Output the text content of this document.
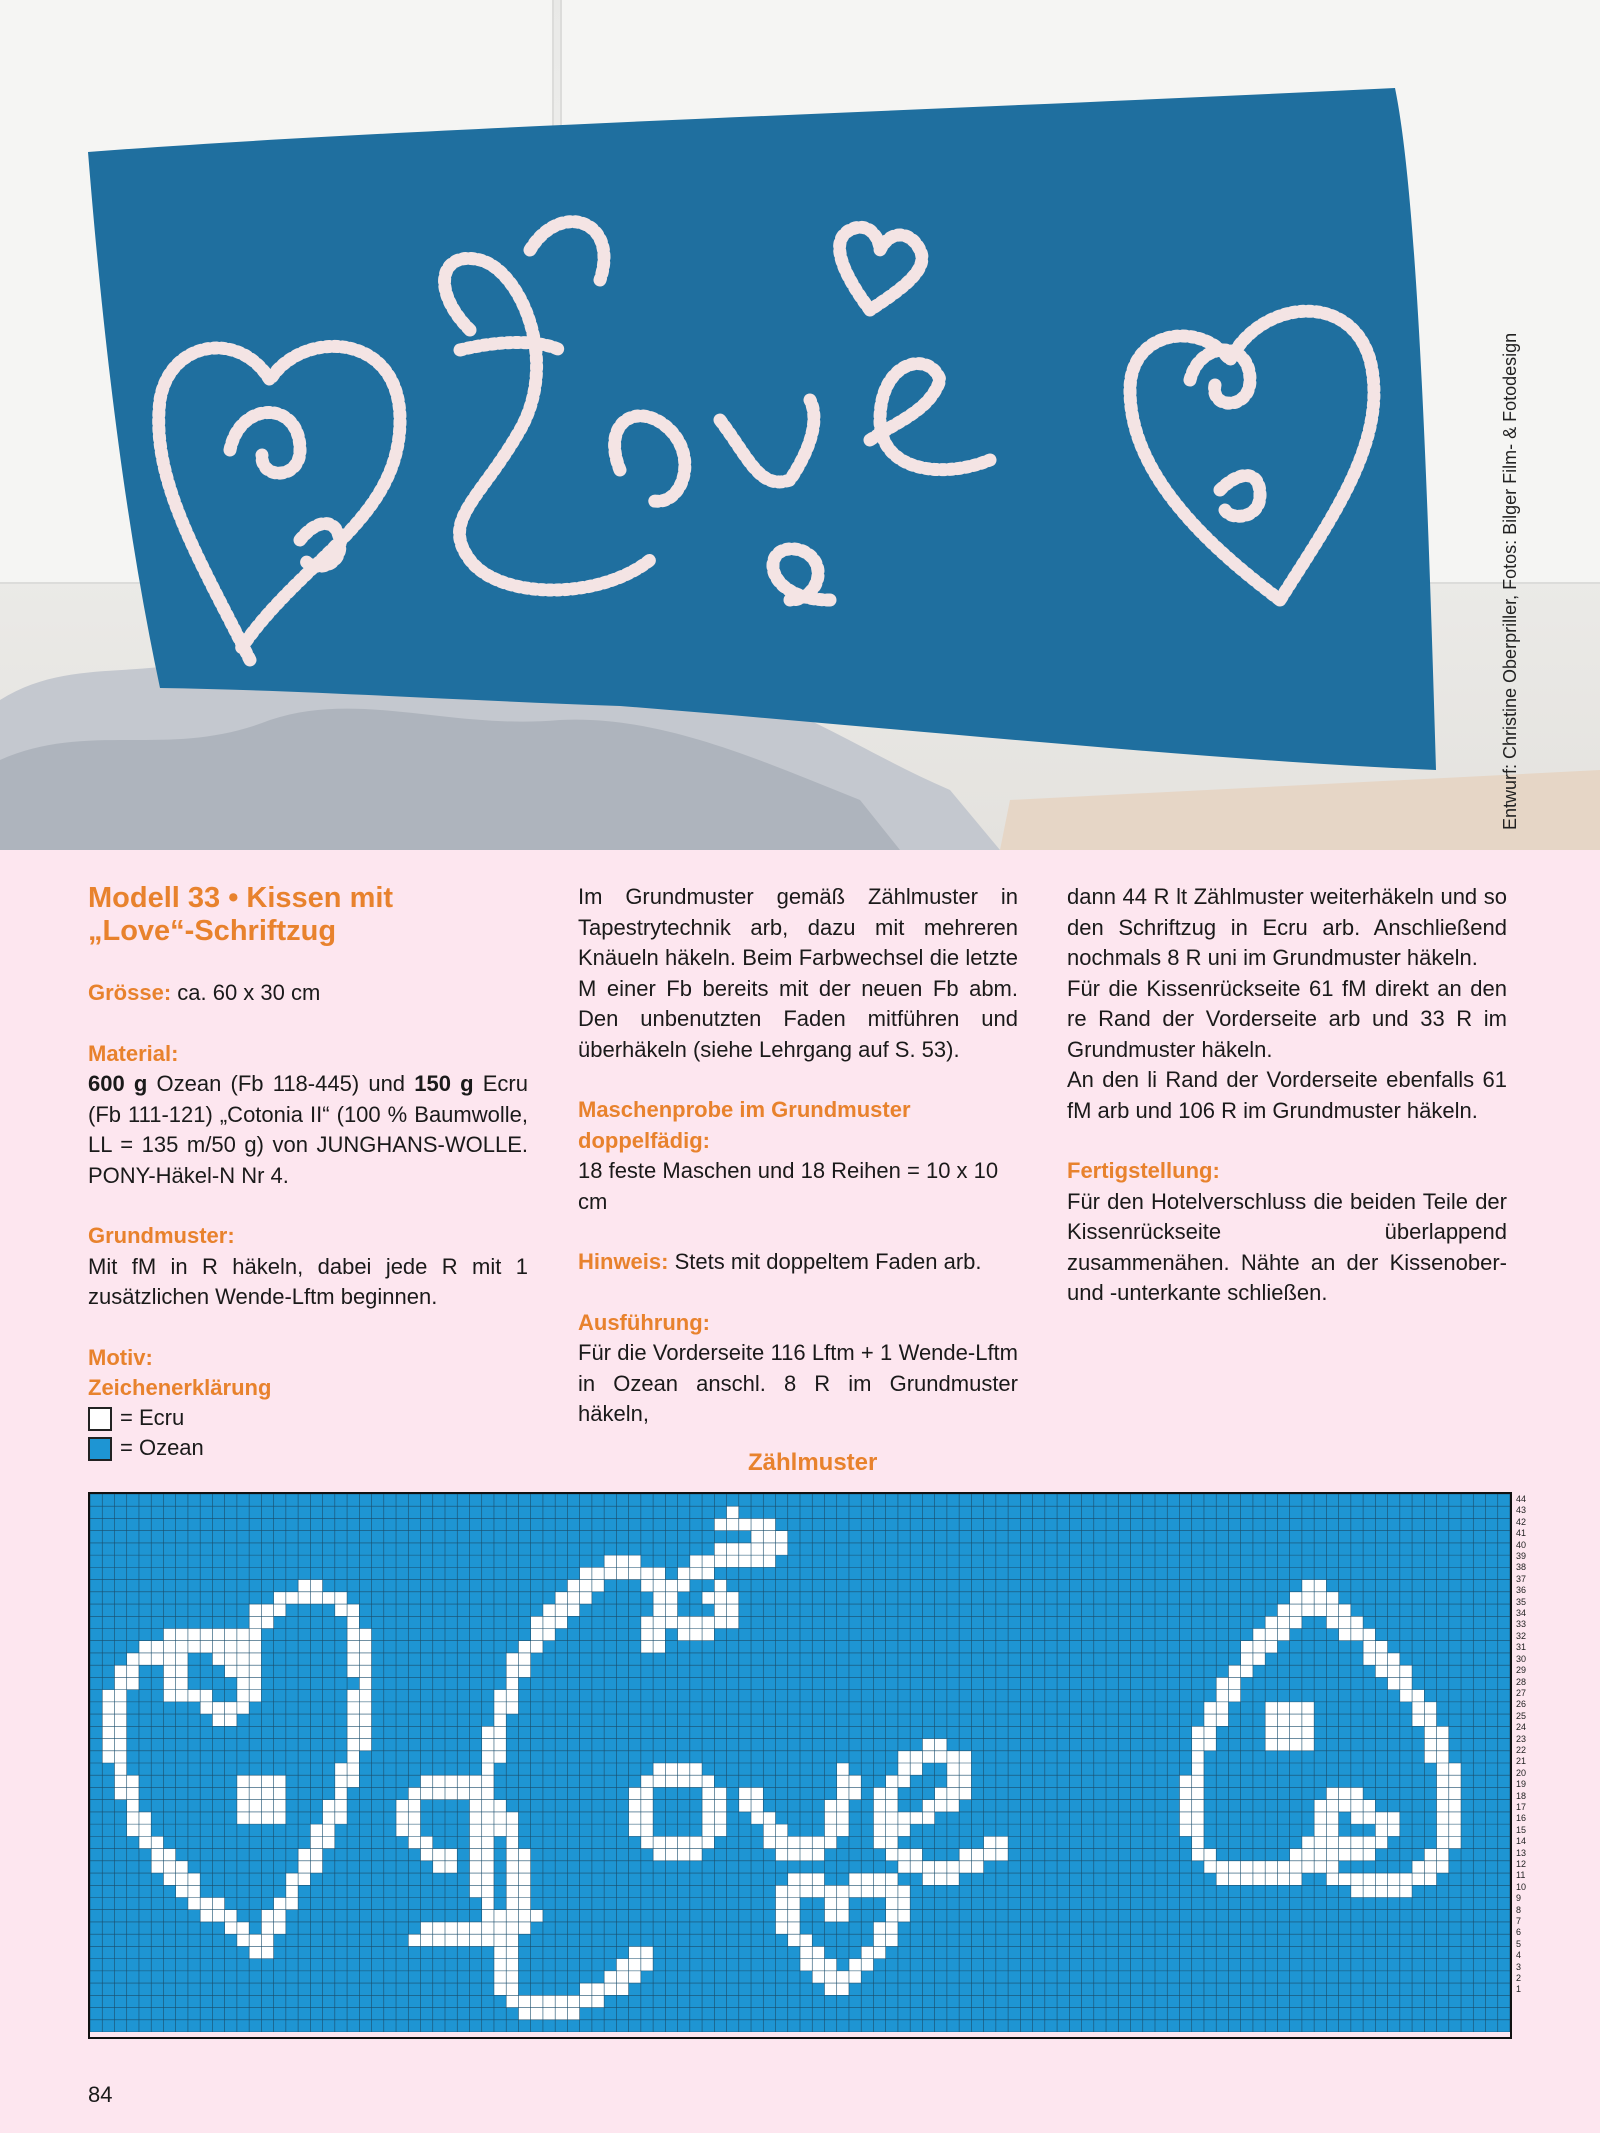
Entwurf: Christine Oberpriller, Fotos: Bilger Film- & Fotodesign
Modell 33 • Kissen mit
„Love“-Schriftzug
Grösse: ca. 60 x 30 cm
Material:
600 g Ozean (Fb 118-445) und 150 g Ecru (Fb 111-121) „Cotonia II“ (100 % Baumwolle, LL = 135 m/50 g) von JUNGHANS-WOLLE. PONY-Häkel-N Nr 4.
Grundmuster:
Mit fM in R häkeln, dabei jede R mit 1 zusätzlichen Wende-Lftm beginnen.
Motiv:
Zeichenerklärung
= Ecru
= Ozean
Im Grundmuster gemäß Zählmuster in Tapestrytechnik arb, dazu mit mehreren Knäueln häkeln. Beim Farbwechsel die letzte M einer Fb bereits mit der neuen Fb abm. Den unbenutzten Faden mitführen und überhäkeln (siehe Lehrgang auf S. 53).
Maschenprobe im Grundmuster
doppelfädig:
18 feste Maschen und 18 Reihen = 10 x 10 cm
Hinweis: Stets mit doppeltem Faden arb.
Ausführung:
Für die Vorderseite 116 Lftm + 1 Wende-Lftm in Ozean anschl. 8 R im Grundmuster häkeln,
dann 44 R lt Zählmuster weiterhäkeln und so den Schriftzug in Ecru arb. Anschließend nochmals 8 R uni im Grundmuster häkeln.
Für die Kissenrückseite 61 fM direkt an den re Rand der Vorderseite arb und 33 R im Grundmuster häkeln.
An den li Rand der Vorderseite ebenfalls 61 fM arb und 106 R im Grundmuster häkeln.
Fertigstellung:
Für den Hotelverschluss die beiden Teile der Kissenrückseite überlappend zusammenähen. Nähte an der Kissenober- und -unterkante schließen.
Zählmuster
44
43
42
41
40
39
38
37
36
35
34
33
32
31
30
29
28
27
26
25
24
23
22
21
20
19
18
17
16
15
14
13
12
11
10
9
8
7
6
5
4
3
2
1
84
